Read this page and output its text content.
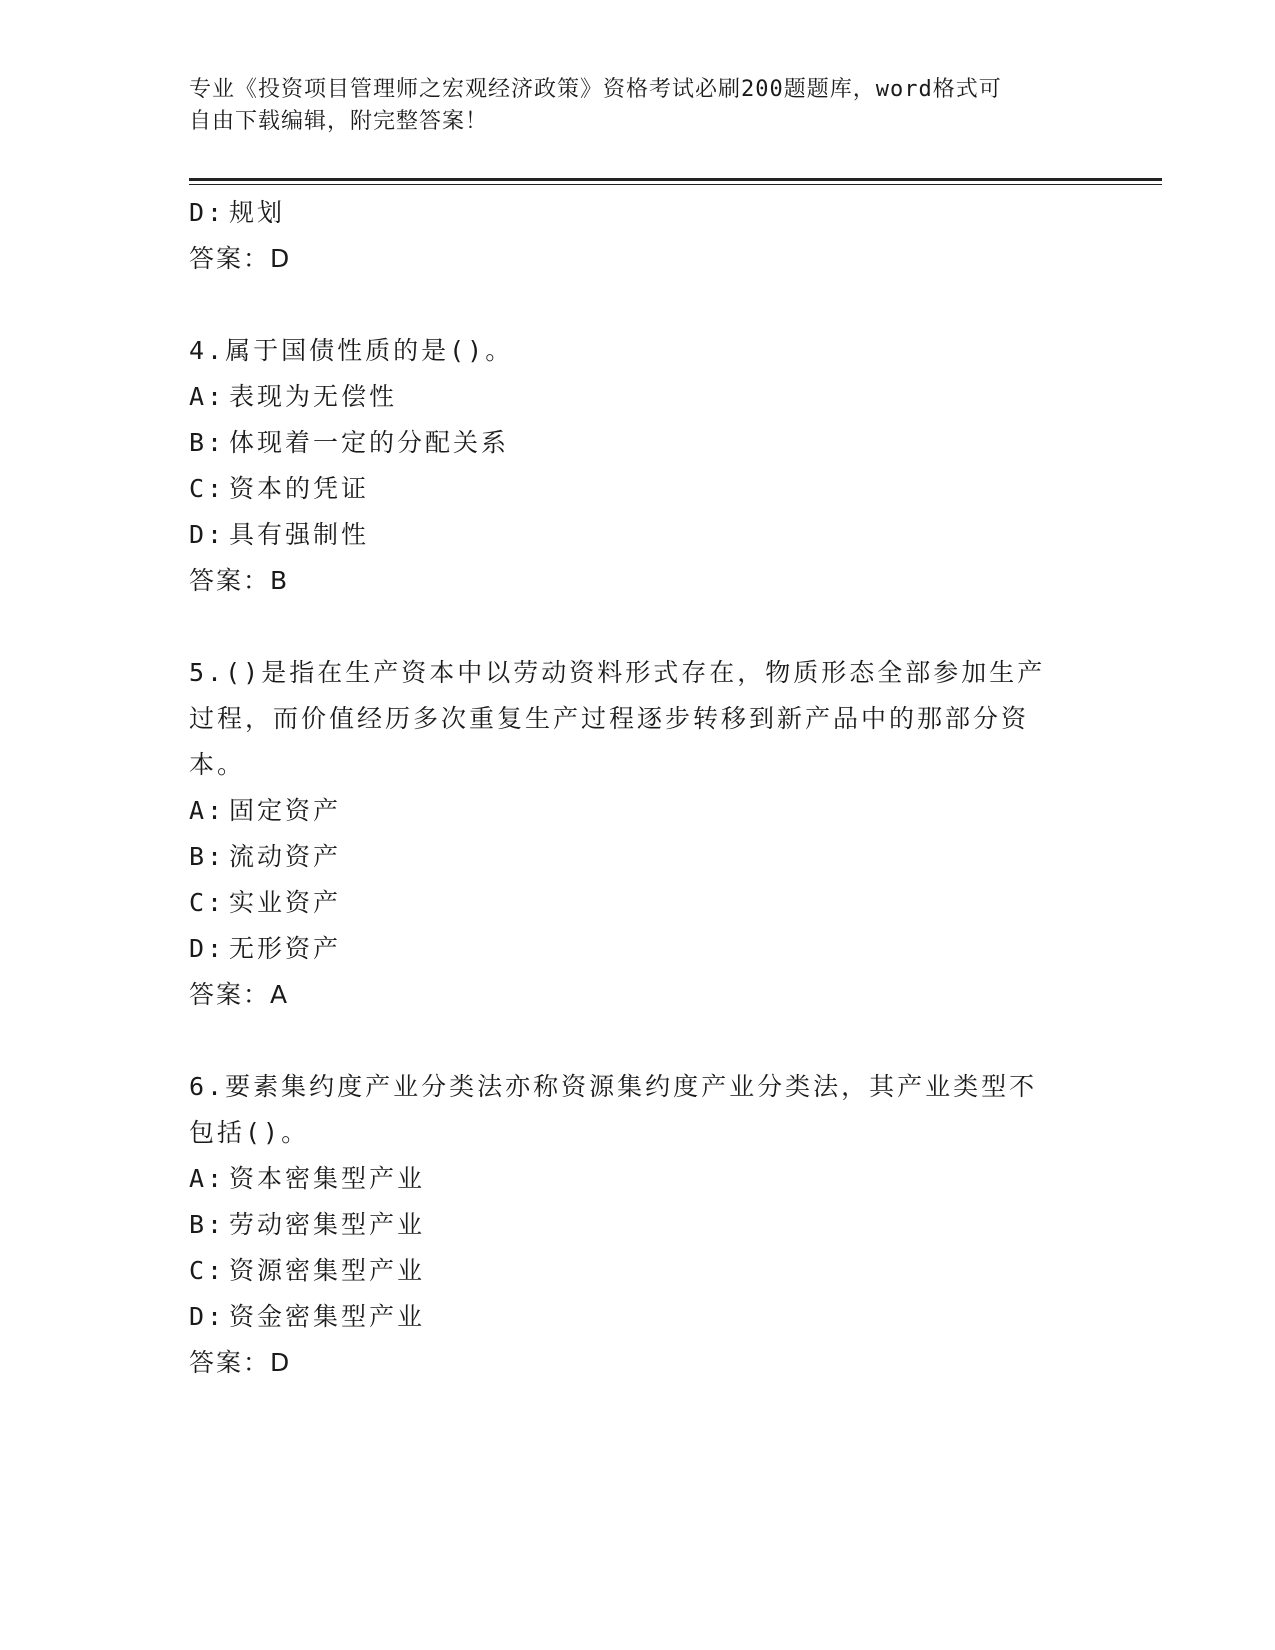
专业《投资项目管理师之宏观经济政策》资格考试必刷200题题库，word格式可
自由下载编辑，附完整答案！
D: 规划
答案：D
4.属于国债性质的是()。
A: 表现为无偿性
B: 体现着一定的分配关系
C: 资本的凭证
D: 具有强制性
答案：B
5.()是指在生产资本中以劳动资料形式存在，物质形态全部参加生产
过程，而价值经历多次重复生产过程逐步转移到新产品中的那部分资
本。
A: 固定资产
B: 流动资产
C: 实业资产
D: 无形资产
答案：A
6.要素集约度产业分类法亦称资源集约度产业分类法，其产业类型不
包括()。
A: 资本密集型产业
B: 劳动密集型产业
C: 资源密集型产业
D: 资金密集型产业
答案：D
